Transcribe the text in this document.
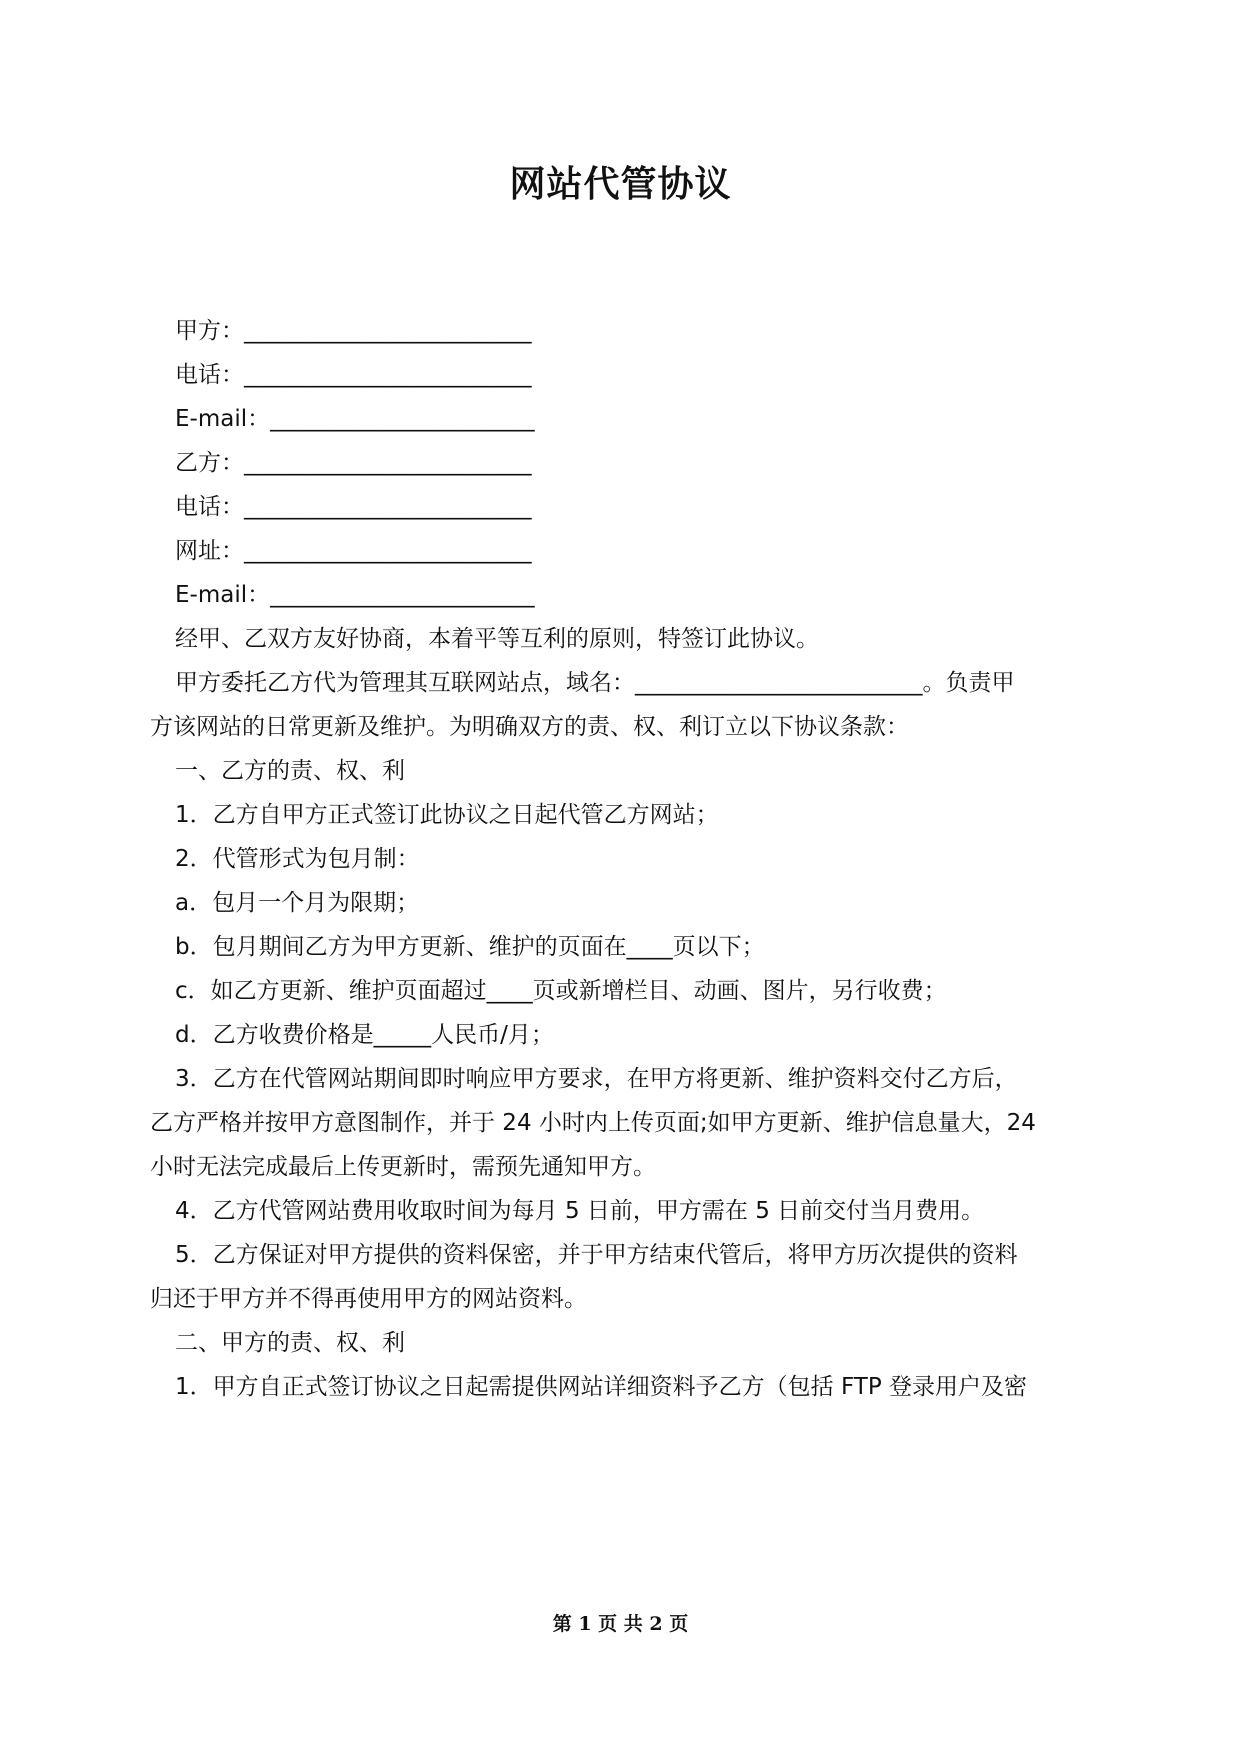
网站代管协议
甲方：_________________________
电话：_________________________
E-mail：_______________________
乙方：_________________________
电话：_________________________
网址：_________________________
E-mail：_______________________
经甲、乙双方友好协商，本着平等互利的原则，特签订此协议。
甲方委托乙方代为管理其互联网站点，域名：_________________________。负责甲
方该网站的日常更新及维护。为明确双方的责、权、利订立以下协议条款：
一、乙方的责、权、利
1．乙方自甲方正式签订此协议之日起代管乙方网站；
2．代管形式为包月制：
a．包月一个月为限期；
b．包月期间乙方为甲方更新、维护的页面在____页以下；
c．如乙方更新、维护页面超过____页或新增栏目、动画、图片，另行收费；
d．乙方收费价格是_____人民币/月；
3．乙方在代管网站期间即时响应甲方要求，在甲方将更新、维护资料交付乙方后，
乙方严格并按甲方意图制作，并于 24 小时内上传页面;如甲方更新、维护信息量大，24
小时无法完成最后上传更新时，需预先通知甲方。
4．乙方代管网站费用收取时间为每月 5 日前，甲方需在 5 日前交付当月费用。
5．乙方保证对甲方提供的资料保密，并于甲方结束代管后，将甲方历次提供的资料
归还于甲方并不得再使用甲方的网站资料。
二、甲方的责、权、利
1．甲方自正式签订协议之日起需提供网站详细资料予乙方（包括 FTP 登录用户及密
第 1 页 共 2 页
